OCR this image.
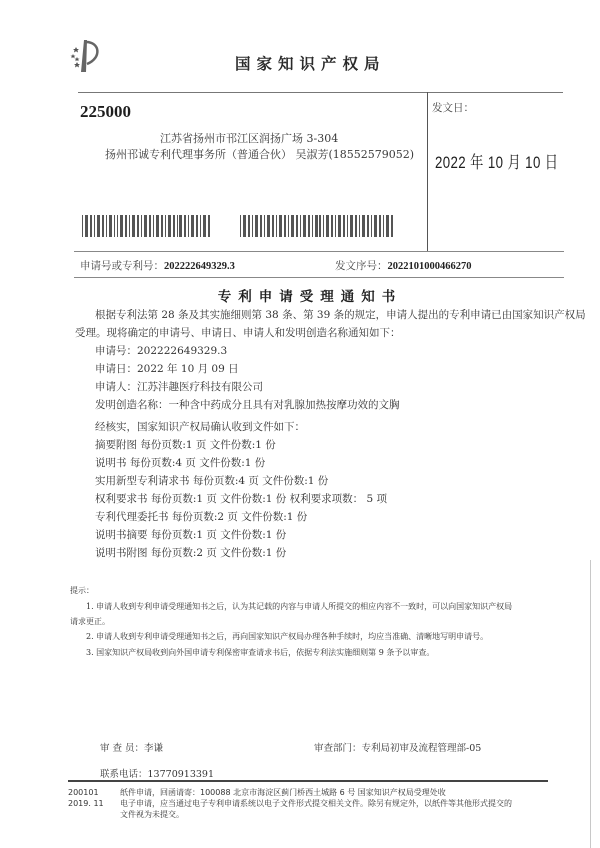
国家知识产权局
225000
江苏省扬州市邗江区润扬广场 3-304
扬州邗诚专利代理事务所（普通合伙） 吴淑芳(18552579052)
发文日：
2022 年 10 月 10 日
申请号或专利号：202222649329.3	发文序号：2022101000466270
专利申请受理通知书
根据专利法第 28 条及其实施细则第 38 条、第 39 条的规定，申请人提出的专利申请已由国家知识产权局
受理。现将确定的申请号、申请日、申请人和发明创造名称通知如下：
申请号：202222649329.3
申请日：2022 年 10 月 09 日
申请人：江苏沣趣医疗科技有限公司
发明创造名称：一种含中药成分且具有对乳腺加热按摩功效的文胸
经核实，国家知识产权局确认收到文件如下：
摘要附图 每份页数:1 页 文件份数:1 份
说明书 每份页数:4 页 文件份数:1 份
实用新型专利请求书 每份页数:4 页 文件份数:1 份
权利要求书 每份页数:1 页 文件份数:1 份 权利要求项数： 5 项
专利代理委托书 每份页数:2 页 文件份数:1 份
说明书摘要 每份页数:1 页 文件份数:1 份
说明书附图 每份页数:2 页 文件份数:1 份
提示：
1. 申请人收到专利申请受理通知书之后，认为其记载的内容与申请人所提交的相应内容不一致时，可以向国家知识产权局
请求更正。
2. 申请人收到专利申请受理通知书之后，再向国家知识产权局办理各种手续时，均应当准确、清晰地写明申请号。
3. 国家知识产权局收到向外国申请专利保密审查请求书后，依据专利法实施细则第 9 条予以审查。
审 查 员：李谦	审查部门：专利局初审及流程管理部-05
联系电话：13770913391
200101
2019. 11
纸件申请，回函请寄：100088 北京市海淀区蓟门桥西土城路 6 号 国家知识产权局受理处收
电子申请，应当通过电子专利申请系统以电子文件形式提交相关文件。除另有规定外，以纸件等其他形式提交的
文件视为未提交。
